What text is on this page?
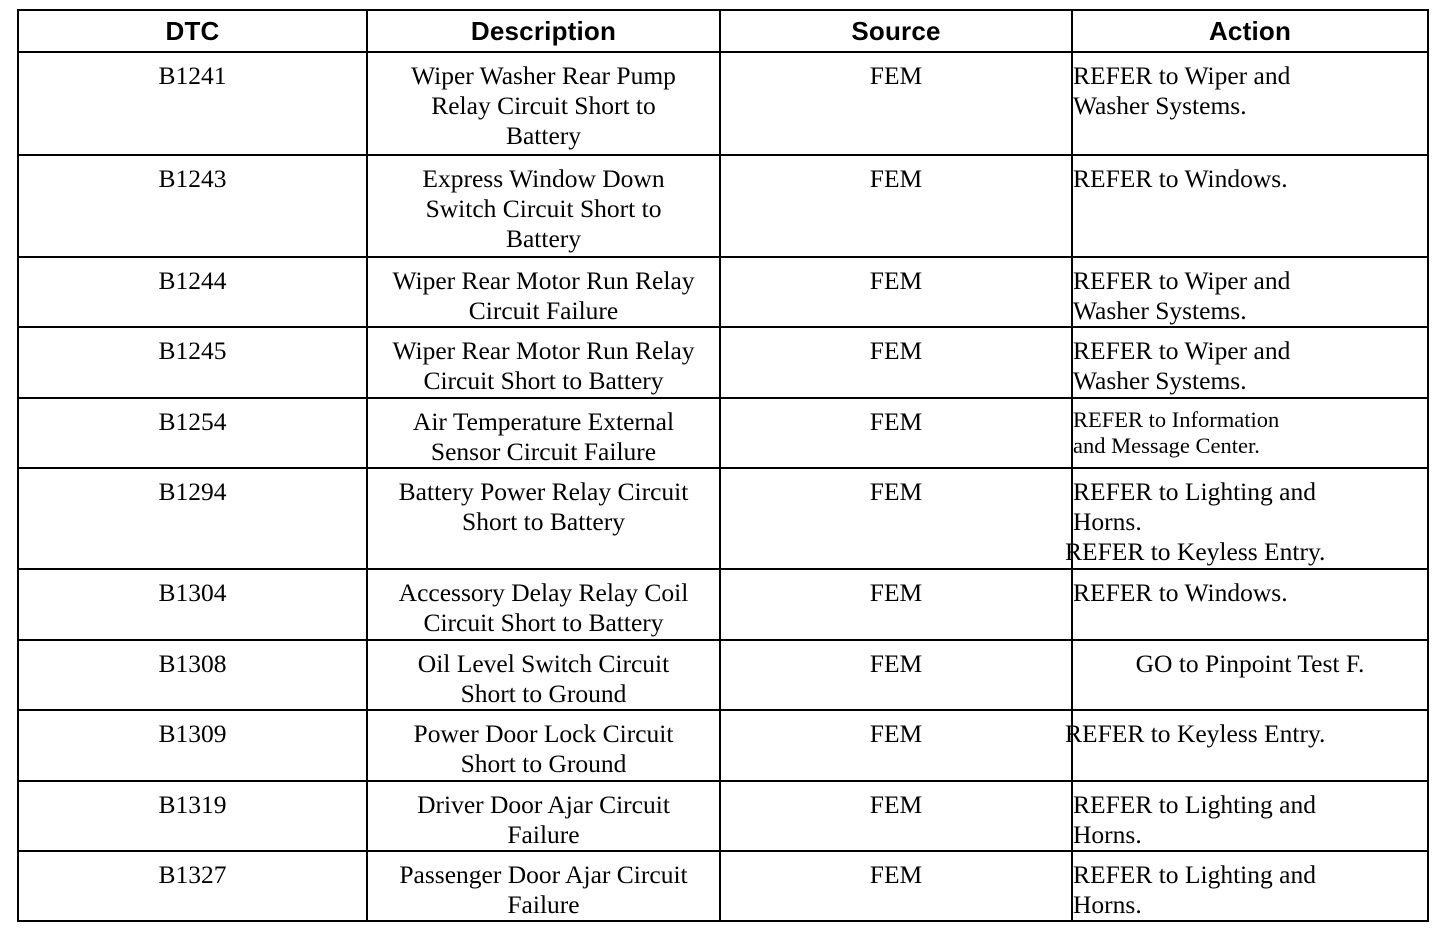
DTC	Description	Source	Action
B1241	Wiper Washer Rear Pump
Relay Circuit Short to
Battery	FEM	REFER to Wiper and
Washer Systems.

B1243	Express Window Down
Switch Circuit Short to
Battery	FEM	REFER to Windows.

B1244	Wiper Rear Motor Run Relay
Circuit Failure	FEM	REFER to Wiper and
Washer Systems.

B1245	Wiper Rear Motor Run Relay
Circuit Short to Battery	FEM	REFER to Wiper and
Washer Systems.

B1254	Air Temperature External
Sensor Circuit Failure	FEM	REFER to Information
and Message Center.

B1294	Battery Power Relay Circuit
Short to Battery	FEM	REFER to Lighting and
Horns.
REFER to Keyless Entry.

B1304	Accessory Delay Relay Coil
Circuit Short to Battery	FEM	REFER to Windows.

B1308	Oil Level Switch Circuit
Short to Ground	FEM	GO to Pinpoint Test F.

B1309	Power Door Lock Circuit
Short to Ground	FEM	REFER to Keyless Entry.

B1319	Driver Door Ajar Circuit
Failure	FEM	REFER to Lighting and
Horns.

B1327	Passenger Door Ajar Circuit
Failure	FEM	REFER to Lighting and
Horns.
